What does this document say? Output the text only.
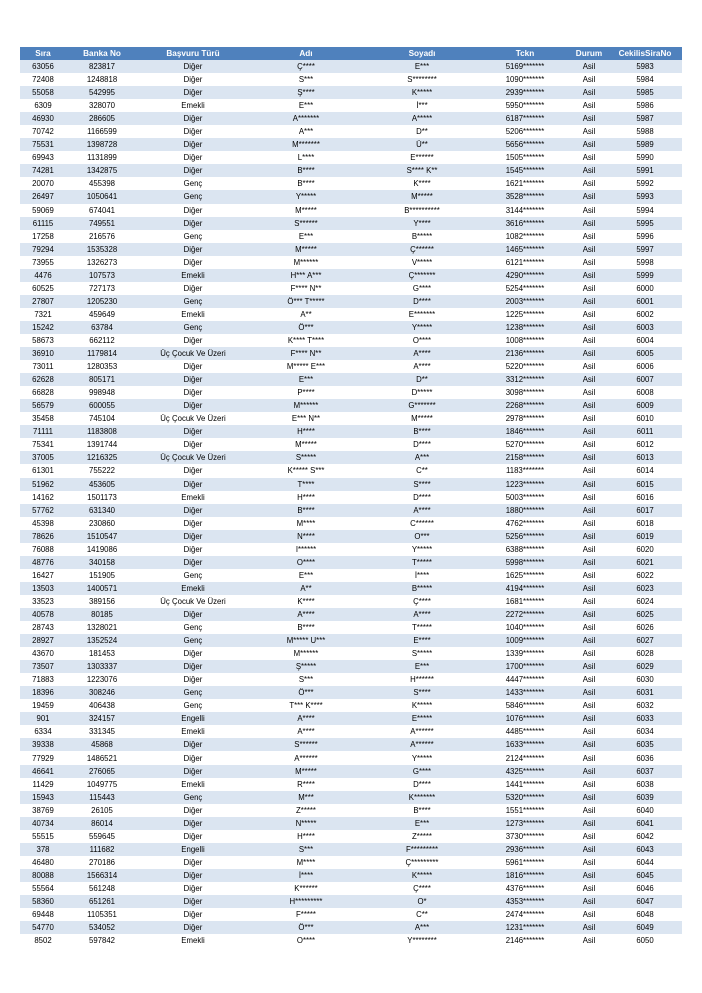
Sıra	Banka No	Başvuru Türü	Adı	Soyadı	Tckn	Durum	CekilisSiraNo
63056	823817	Diğer	Ç****	E***	5169*******	Asil	5983
72408	1248818	Diğer	S***	S********	1090*******	Asil	5984
55058	542995	Diğer	Ş****	K*****	2939*******	Asil	5985
6309	328070	Emekli	E***	İ***	5950*******	Asil	5986
46930	286605	Diğer	A*******	A*****	6187*******	Asil	5987
70742	1166599	Diğer	A***	D**	5206*******	Asil	5988
75531	1398728	Diğer	M*******	Ü**	5656*******	Asil	5989
69943	1131899	Diğer	L****	E******	1505*******	Asil	5990
74281	1342875	Diğer	B****	S**** K**	1545*******	Asil	5991
20070	455398	Genç	B****	K****	1621*******	Asil	5992
26497	1050641	Genç	Y*****	M*****	3528*******	Asil	5993
59069	674041	Diğer	M*****	B**********	3144*******	Asil	5994
61115	749551	Diğer	S******	Y****	3616*******	Asil	5995
17258	216576	Genç	E***	B*****	1082*******	Asil	5996
79294	1535328	Diğer	M*****	Ç******	1465*******	Asil	5997
73955	1326273	Diğer	M******	V*****	6121*******	Asil	5998
4476	107573	Emekli	H*** A***	Ç*******	4290*******	Asil	5999
60525	727173	Diğer	F**** N**	G****	5254*******	Asil	6000
27807	1205230	Genç	Ö*** T*****	D****	2003*******	Asil	6001
7321	459649	Emekli	A**	E*******	1225*******	Asil	6002
15242	63784	Genç	Ö***	Y*****	1238*******	Asil	6003
58673	662112	Diğer	K**** T****	O****	1008*******	Asil	6004
36910	1179814	Üç Çocuk Ve Üzeri	F**** N**	A****	2136*******	Asil	6005
73011	1280353	Diğer	M***** E***	A****	5220*******	Asil	6006
62628	805171	Diğer	E***	D**	3312*******	Asil	6007
66828	998948	Diğer	P****	D*****	3098*******	Asil	6008
56579	600055	Diğer	M******	G*******	2268*******	Asil	6009
35458	745104	Üç Çocuk Ve Üzeri	E*** N**	M*****	2978*******	Asil	6010
71111	1183808	Diğer	H****	B****	1846*******	Asil	6011
75341	1391744	Diğer	M*****	D****	5270*******	Asil	6012
37005	1216325	Üç Çocuk Ve Üzeri	S*****	A***	2158*******	Asil	6013
61301	755222	Diğer	K***** S***	C**	1183*******	Asil	6014
51962	453605	Diğer	T****	S****	1223*******	Asil	6015
14162	1501173	Emekli	H****	D****	5003*******	Asil	6016
57762	631340	Diğer	B****	A****	1880*******	Asil	6017
45398	230860	Diğer	M****	C******	4762*******	Asil	6018
78626	1510547	Diğer	N****	O***	5256*******	Asil	6019
76088	1419086	Diğer	I******	Y*****	6388*******	Asil	6020
48776	340158	Diğer	O****	T*****	5998*******	Asil	6021
16427	151905	Genç	E***	İ****	1625*******	Asil	6022
13503	1400571	Emekli	A**	B*****	4194*******	Asil	6023
33523	389156	Üç Çocuk Ve Üzeri	K****	Ç****	1681*******	Asil	6024
40578	80185	Diğer	A****	A****	2272*******	Asil	6025
28743	1328021	Genç	B****	T*****	1040*******	Asil	6026
28927	1352524	Genç	M***** U***	E****	1009*******	Asil	6027
43670	181453	Diğer	M******	S*****	1339*******	Asil	6028
73507	1303337	Diğer	Ş*****	E***	1700*******	Asil	6029
71883	1223076	Diğer	S***	H******	4447*******	Asil	6030
18396	308246	Genç	Ö***	S****	1433*******	Asil	6031
19459	406438	Genç	T*** K****	K*****	5846*******	Asil	6032
901	324157	Engelli	A****	E*****	1076*******	Asil	6033
6334	331345	Emekli	A****	A******	4485*******	Asil	6034
39338	45868	Diğer	S******	A******	1633*******	Asil	6035
77929	1486521	Diğer	A******	Y*****	2124*******	Asil	6036
46641	276065	Diğer	M*****	G****	4325*******	Asil	6037
11429	1049775	Emekli	R****	D****	1441*******	Asil	6038
15943	115443	Genç	M***	K*******	5320*******	Asil	6039
38769	26105	Diğer	Z*****	B****	1551*******	Asil	6040
40734	86014	Diğer	N*****	E***	1273*******	Asil	6041
55515	559645	Diğer	H****	Z*****	3730*******	Asil	6042
378	111682	Engelli	S***	F*********	2936*******	Asil	6043
46480	270186	Diğer	M****	Ç*********	5961*******	Asil	6044
80088	1566314	Diğer	İ****	K*****	1816*******	Asil	6045
55564	561248	Diğer	K******	Ç****	4376*******	Asil	6046
58360	651261	Diğer	H*********	O*	4353*******	Asil	6047
69448	1105351	Diğer	F*****	C**	2474*******	Asil	6048
54770	534052	Diğer	Ö***	A***	1231*******	Asil	6049
8502	597842	Emekli	O****	Y********	2146*******	Asil	6050
